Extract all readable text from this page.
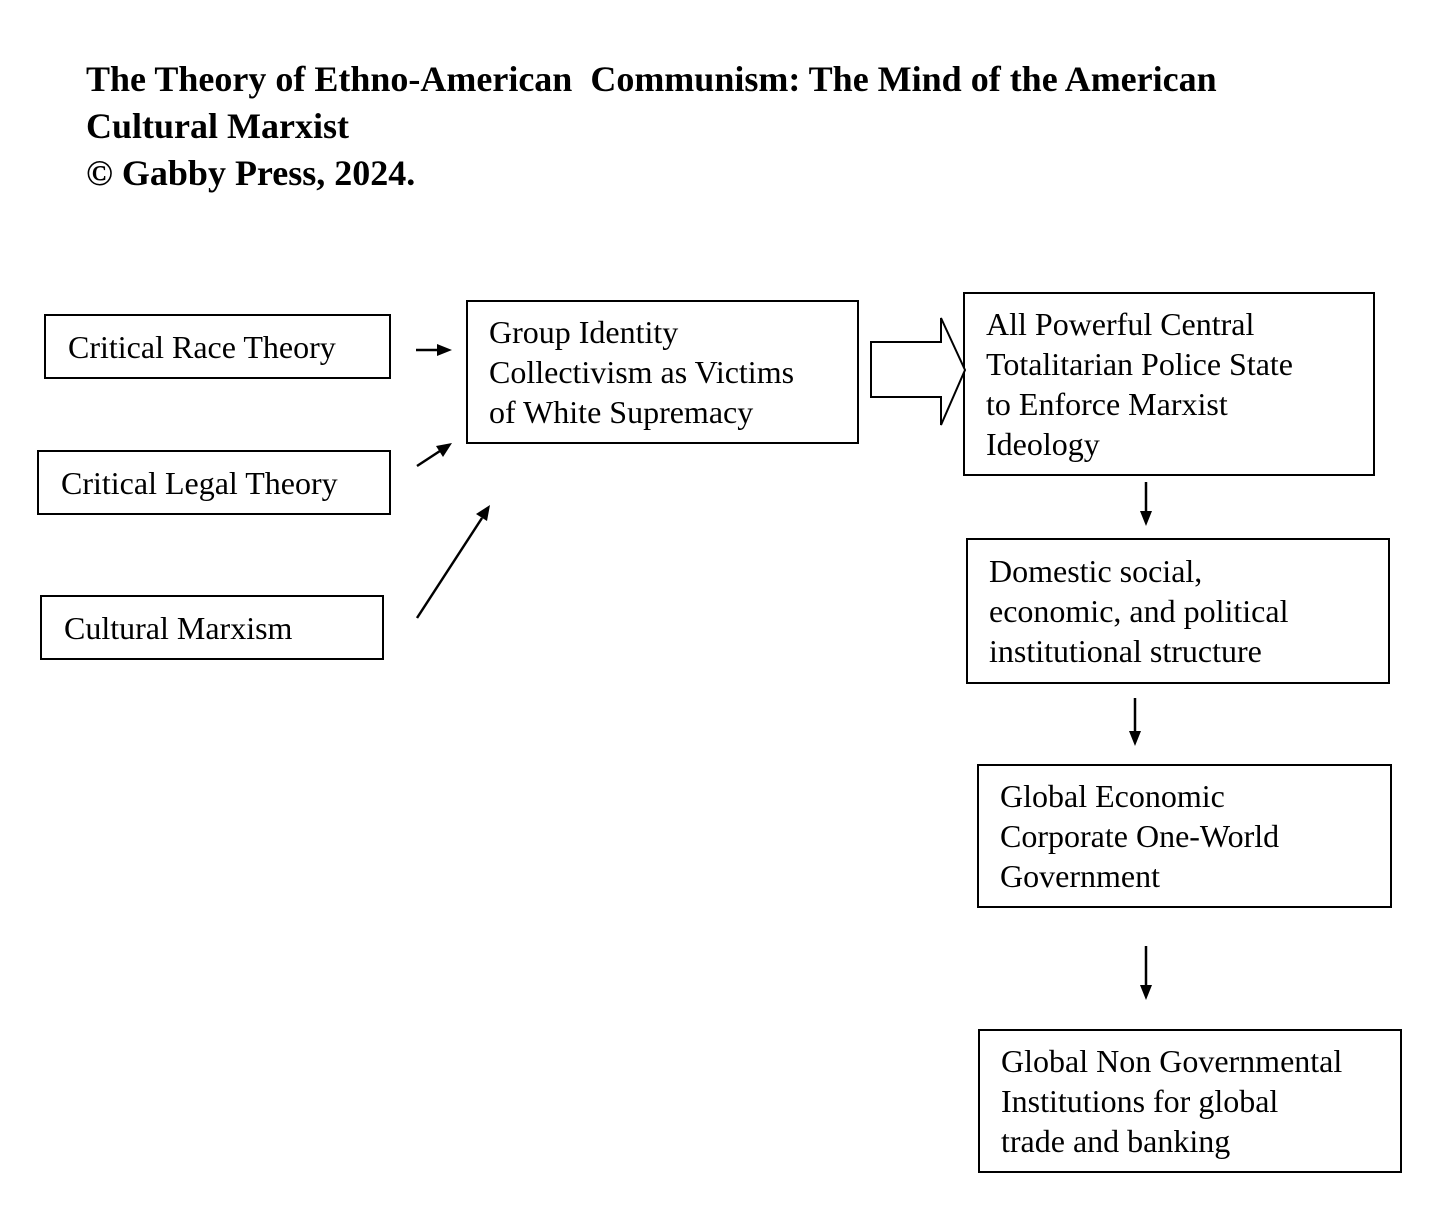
The Theory of Ethno-American  Communism: The Mind of the American
Cultural Marxist
© Gabby Press, 2024.
Critical Race Theory
Critical Legal Theory
Cultural Marxism
Group Identity
Collectivism as Victims
of White Supremacy
All Powerful Central
Totalitarian Police State
to Enforce Marxist
Ideology
Domestic social,
economic, and political
institutional structure
Global Economic
Corporate One-World
Government
Global Non Governmental
Institutions for global
trade and banking
